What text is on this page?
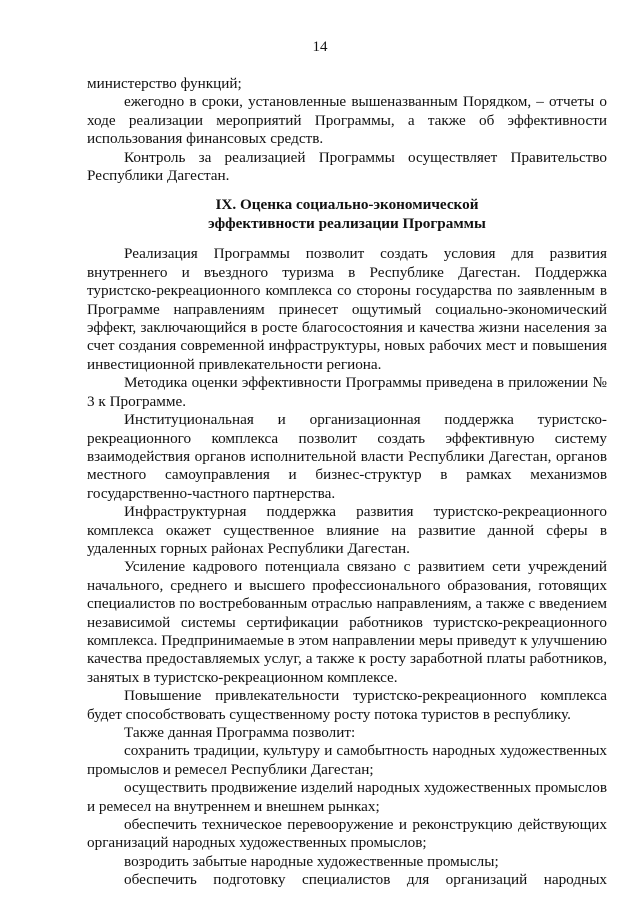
14

министерство функций;

ежегодно в сроки, установленные вышеназванным Порядком, – отчеты о ходе реализации мероприятий Программы, а также об эффективности использования финансовых средств.

Контроль за реализацией Программы осуществляет Правительство Республики Дагестан.

IX. Оценка социально-экономической
эффективности реализации Программы

Реализация Программы позволит создать условия для развития внутреннего и въездного туризма в Республике Дагестан. Поддержка туристско-рекреационного комплекса со стороны государства по заявленным в Программе направлениям принесет ощутимый социально-экономический эффект, заключающийся в росте благосостояния и качества жизни населения за счет создания современной инфраструктуры, новых рабочих мест и повышения инвестиционной привлекательности региона.

Методика оценки эффективности Программы приведена в приложении № 3 к Программе.

Институциональная и организационная поддержка туристско-рекреационного комплекса позволит создать эффективную систему взаимодействия органов исполнительной власти Республики Дагестан, органов местного самоуправления и бизнес-структур в рамках механизмов государственно-частного партнерства.

Инфраструктурная поддержка развития туристско-рекреационного комплекса окажет существенное влияние на развитие данной сферы в удаленных горных районах Республики Дагестан.

Усиление кадрового потенциала связано с развитием сети учреждений начального, среднего и высшего профессионального образования, готовящих специалистов по востребованным отраслью направлениям, а также с введением независимой системы сертификации работников туристско-рекреационного комплекса. Предпринимаемые в этом направлении меры приведут к улучшению качества предоставляемых услуг, а также к росту заработной платы работников, занятых в туристско-рекреационном комплексе.

Повышение привлекательности туристско-рекреационного комплекса будет способствовать существенному росту потока туристов в республику.

Также данная Программа позволит:

сохранить традиции, культуру и самобытность народных художественных промыслов и ремесел Республики Дагестан;

осуществить продвижение изделий народных художественных промыслов и ремесел на внутреннем и внешнем рынках;

обеспечить техническое перевооружение и реконструкцию действующих организаций народных художественных промыслов;

возродить забытые народные художественные промыслы;

обеспечить подготовку специалистов для организаций народных
